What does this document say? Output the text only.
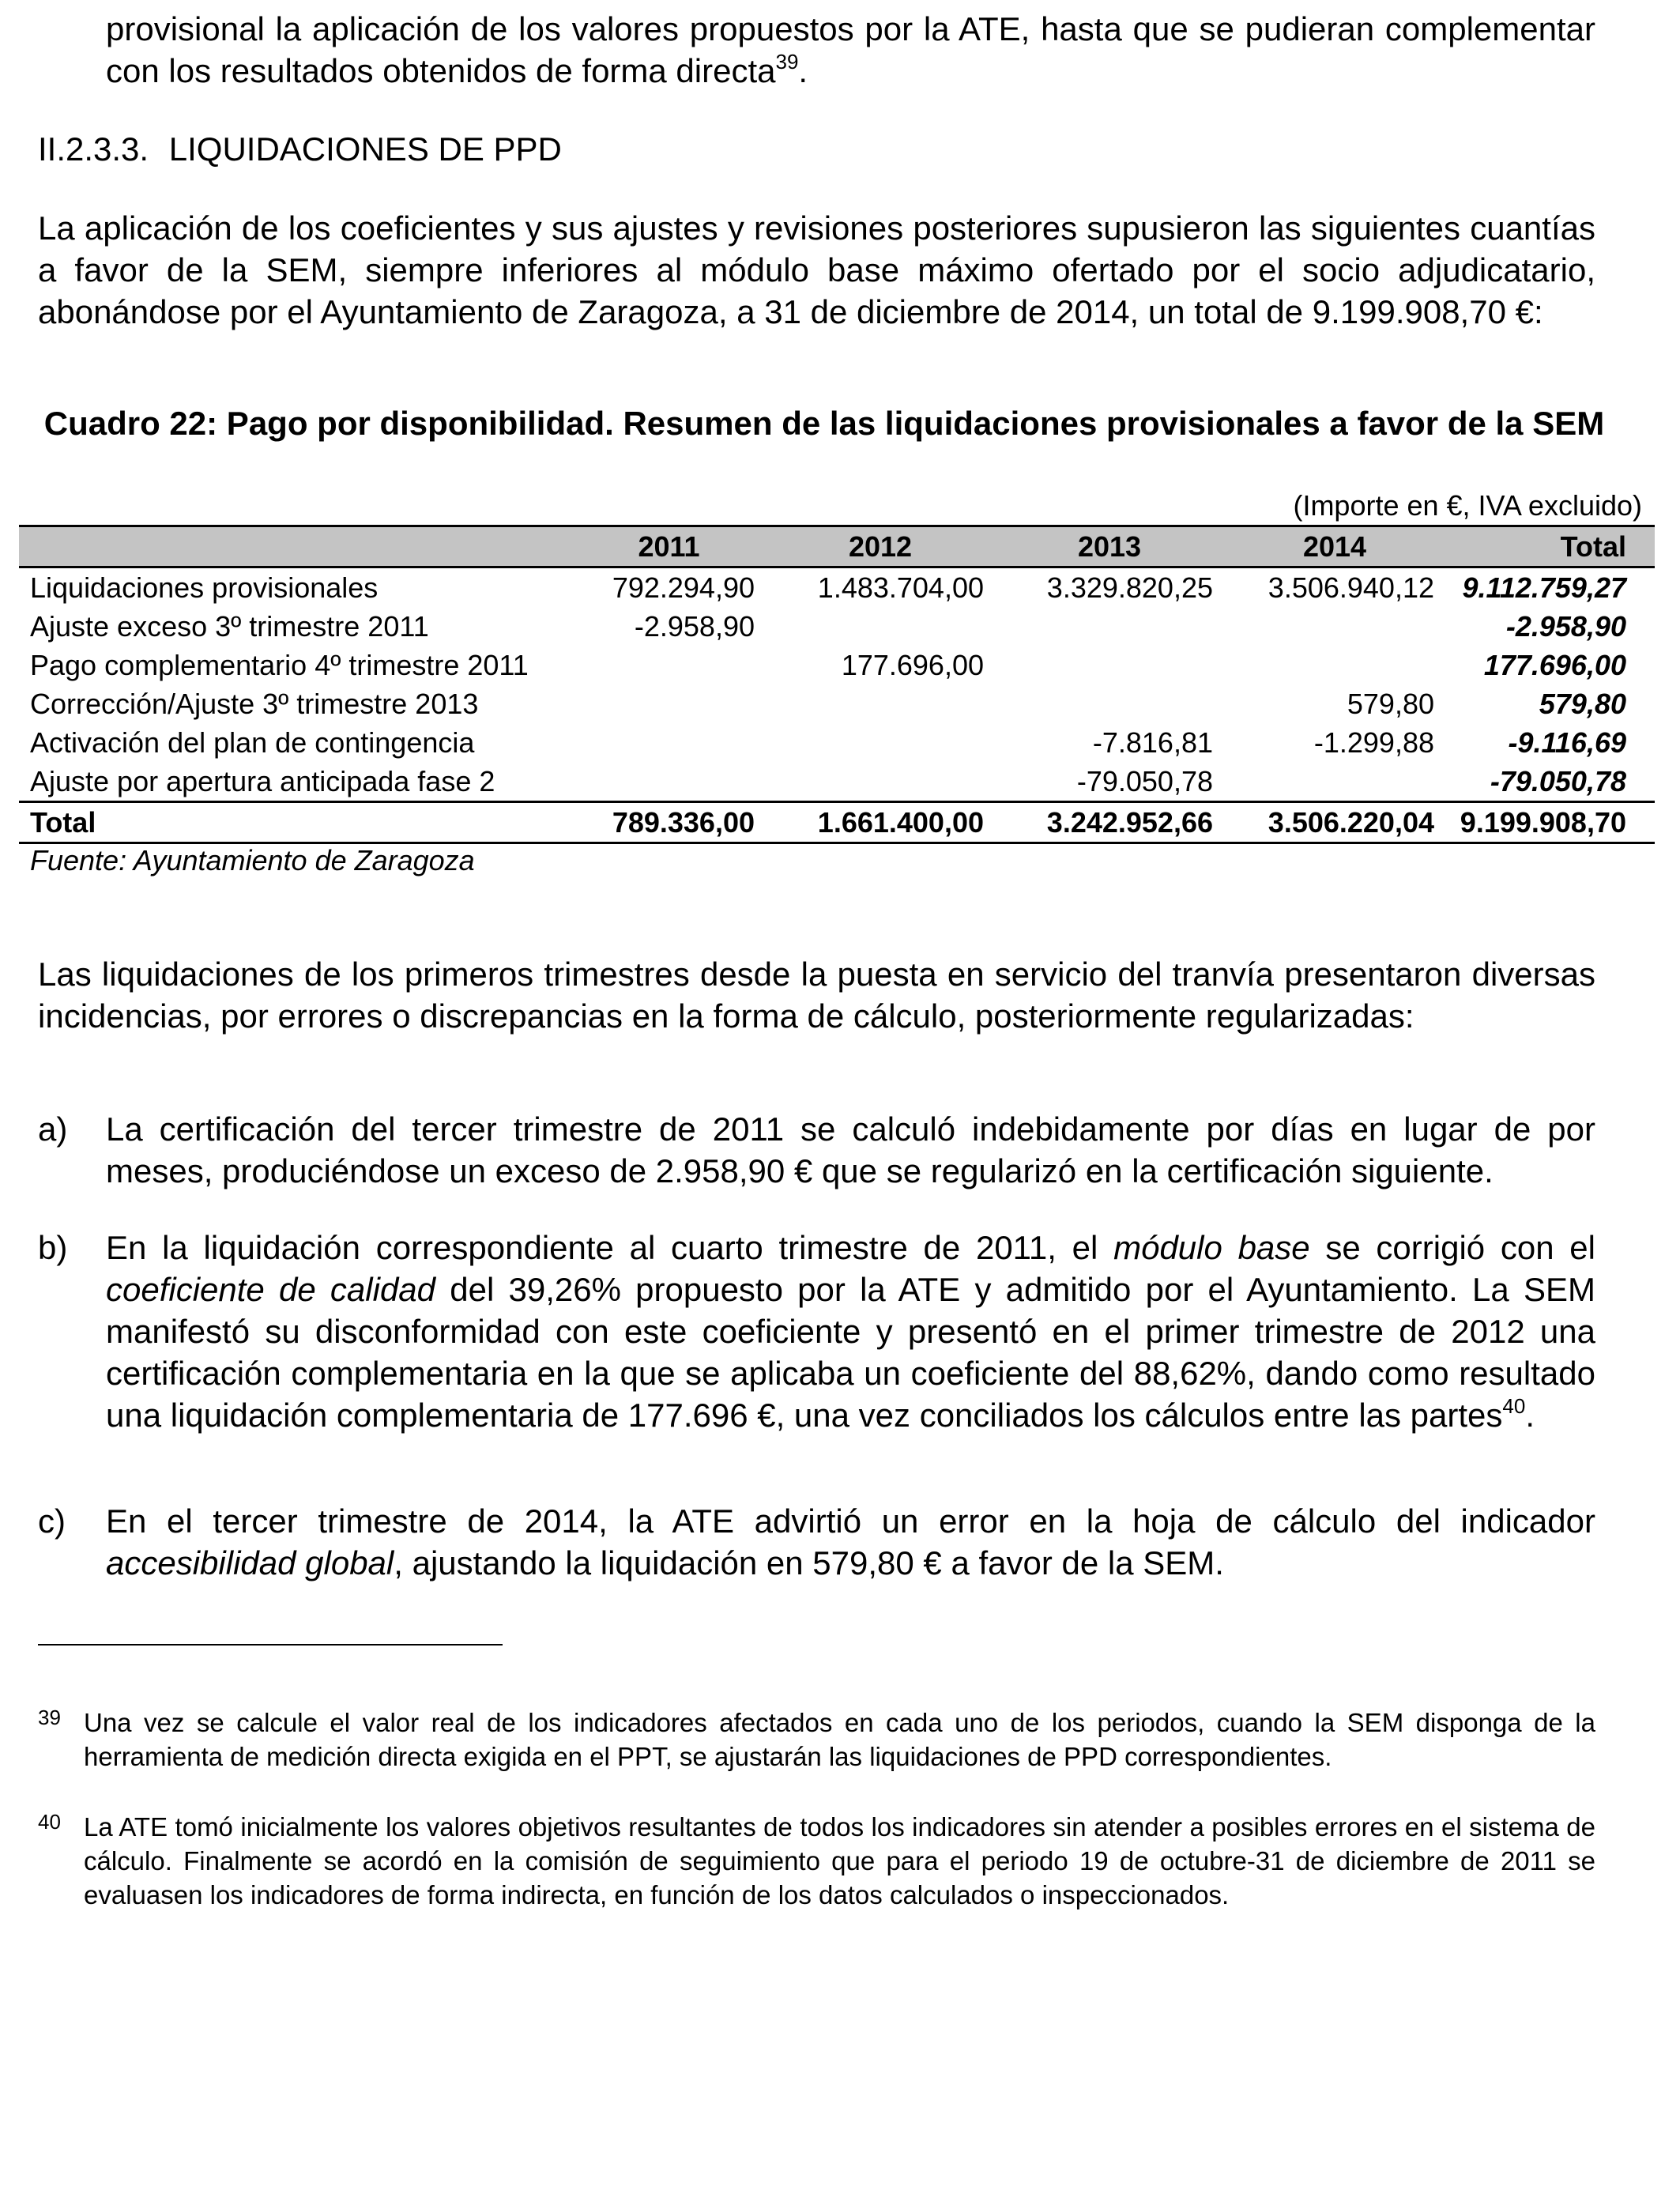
provisional la aplicación de los valores propuestos por la ATE, hasta que se pudieran complementar con los resultados obtenidos de forma directa$^{39}$.

II.2.3.3. LIQUIDACIONES DE PPD

La aplicación de los coeficientes y sus ajustes y revisiones posteriores supusieron las siguientes cuantías a favor de la SEM, siempre inferiores al módulo base máximo ofertado por el socio adjudicatario, abonándose por el Ayuntamiento de Zaragoza, a 31 de diciembre de 2014, un total de 9.199.908,70 €:

Cuadro 22: Pago por disponibilidad. Resumen de las liquidaciones provisionales a favor de la SEM
(Importe en €, IVA excluido)
	2011	2012	2013	2014	Total
Liquidaciones provisionales	792.294,90	1.483.704,00	3.329.820,25	3.506.940,12	9.112.759,27
Ajuste exceso 3º trimestre 2011	-2.958,90				-2.958,90
Pago complementario 4º trimestre 2011		177.696,00			177.696,00
Corrección/Ajuste 3º trimestre 2013				579,80	579,80
Activación del plan de contingencia			-7.816,81	-1.299,88	-9.116,69
Ajuste por apertura anticipada fase 2			-79.050,78		-79.050,78
Total	789.336,00	1.661.400,00	3.242.952,66	3.506.220,04	9.199.908,70
Fuente: Ayuntamiento de Zaragoza

Las liquidaciones de los primeros trimestres desde la puesta en servicio del tranvía presentaron diversas incidencias, por errores o discrepancias en la forma de cálculo, posteriormente regularizadas:

a) La certificación del tercer trimestre de 2011 se calculó indebidamente por días en lugar de por meses, produciéndose un exceso de 2.958,90 € que se regularizó en la certificación siguiente.
b) En la liquidación correspondiente al cuarto trimestre de 2011, el módulo base se corrigió con el coeficiente de calidad del 39,26% propuesto por la ATE y admitido por el Ayuntamiento. La SEM manifestó su disconformidad con este coeficiente y presentó en el primer trimestre de 2012 una certificación complementaria en la que se aplicaba un coeficiente del 88,62%, dando como resultado una liquidación complementaria de 177.696 €, una vez conciliados los cálculos entre las partes$^{40}$.
c) En el tercer trimestre de 2014, la ATE advirtió un error en la hoja de cálculo del indicador accesibilidad global, ajustando la liquidación en 579,80 € a favor de la SEM.
39 Una vez se calcule el valor real de los indicadores afectados en cada uno de los periodos, cuando la SEM disponga de la herramienta de medición directa exigida en el PPT, se ajustarán las liquidaciones de PPD correspondientes.
40 La ATE tomó inicialmente los valores objetivos resultantes de todos los indicadores sin atender a posibles errores en el sistema de cálculo. Finalmente se acordó en la comisión de seguimiento que para el periodo 19 de octubre-31 de diciembre de 2011 se evaluasen los indicadores de forma indirecta, en función de los datos calculados o inspeccionados.
